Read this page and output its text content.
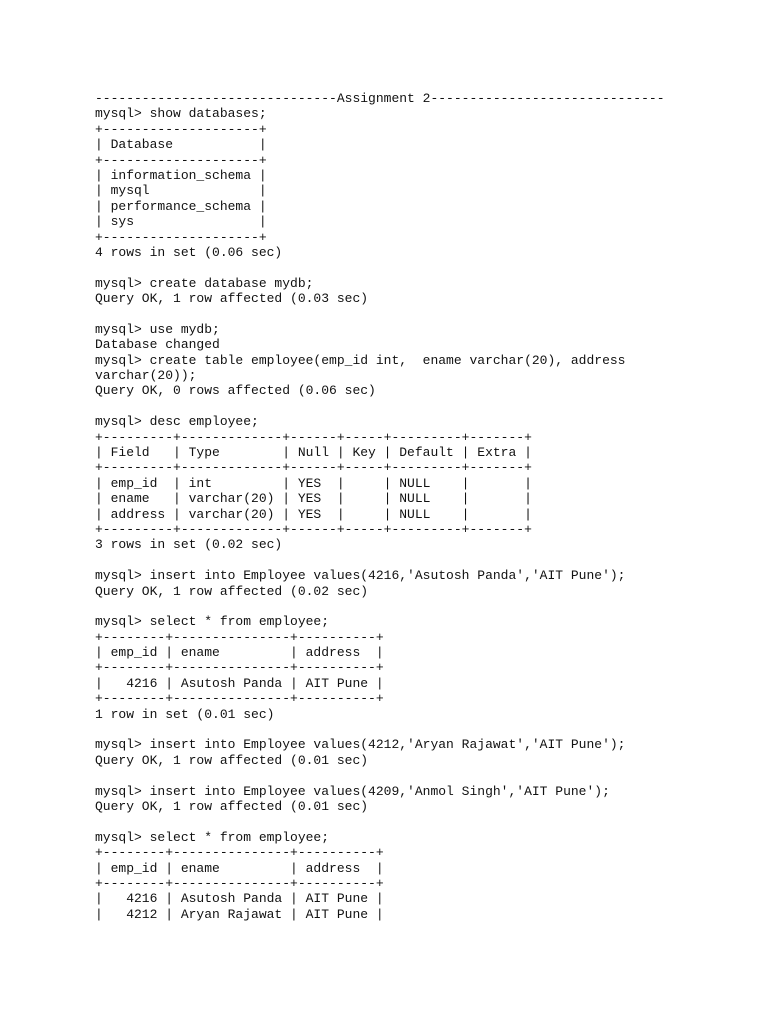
-------------------------------Assignment 2------------------------------
mysql> show databases;
+--------------------+
| Database           |
+--------------------+
| information_schema |
| mysql              |
| performance_schema |
| sys                |
+--------------------+
4 rows in set (0.06 sec)
mysql> create database mydb;
Query OK, 1 row affected (0.03 sec)
mysql> use mydb;
Database changed
mysql> create table employee(emp_id int,  ename varchar(20), address
varchar(20));
Query OK, 0 rows affected (0.06 sec)
mysql> desc employee;
+---------+-------------+------+-----+---------+-------+
| Field   | Type        | Null | Key | Default | Extra |
+---------+-------------+------+-----+---------+-------+
| emp_id  | int         | YES  |     | NULL    |       |
| ename   | varchar(20) | YES  |     | NULL    |       |
| address | varchar(20) | YES  |     | NULL    |       |
+---------+-------------+------+-----+---------+-------+
3 rows in set (0.02 sec)
mysql> insert into Employee values(4216,'Asutosh Panda','AIT Pune');
Query OK, 1 row affected (0.02 sec)
mysql> select * from employee;
+--------+---------------+----------+
| emp_id | ename         | address  |
+--------+---------------+----------+
|   4216 | Asutosh Panda | AIT Pune |
+--------+---------------+----------+
1 row in set (0.01 sec)
mysql> insert into Employee values(4212,'Aryan Rajawat','AIT Pune');
Query OK, 1 row affected (0.01 sec)
mysql> insert into Employee values(4209,'Anmol Singh','AIT Pune');
Query OK, 1 row affected (0.01 sec)
mysql> select * from employee;
+--------+---------------+----------+
| emp_id | ename         | address  |
+--------+---------------+----------+
|   4216 | Asutosh Panda | AIT Pune |
|   4212 | Aryan Rajawat | AIT Pune |
